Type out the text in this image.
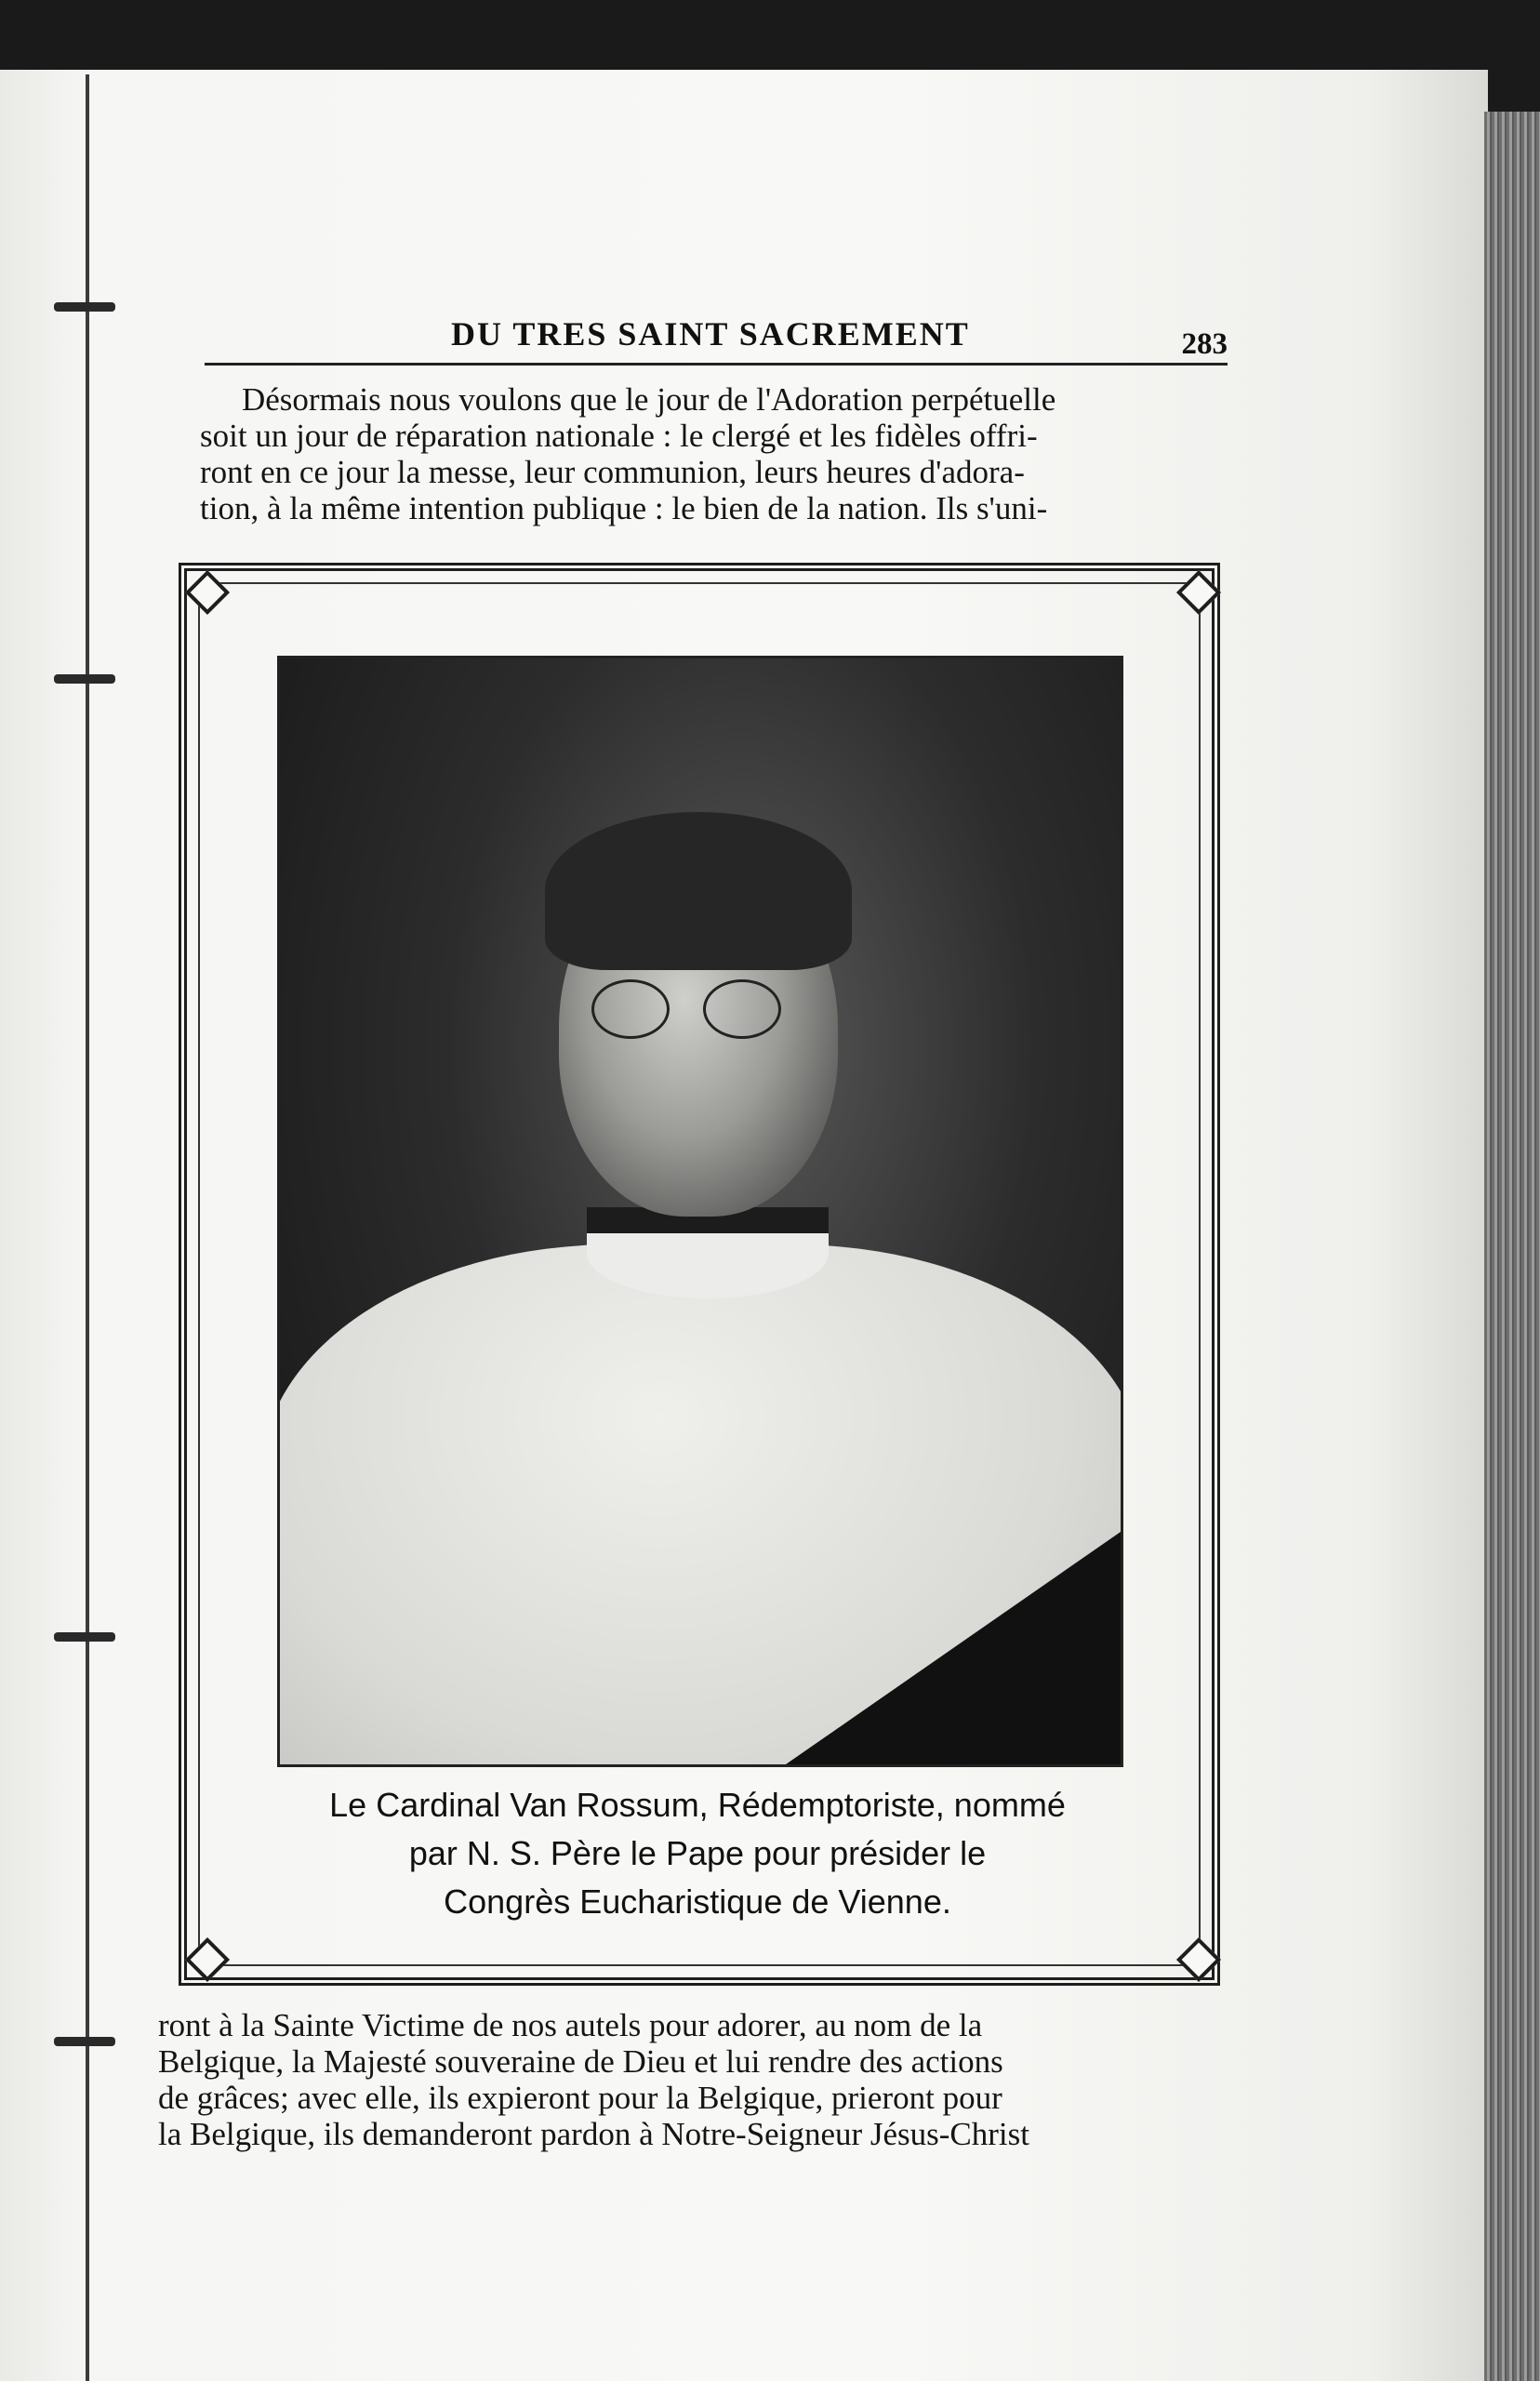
DU TRES SAINT SACREMENT	283
Désormais nous voulons que le jour de l'Adoration perpétuelle
soit un jour de réparation nationale : le clergé et les fidèles offri-
ront en ce jour la messe, leur communion, leurs heures d'adora-
tion, à la même intention publique : le bien de la nation. Ils s'uni-
Le Cardinal Van Rossum, Rédemptoriste, nommé
par N. S. Père le Pape pour présider le
Congrès Eucharistique de Vienne.
ront à la Sainte Victime de nos autels pour adorer, au nom de la
Belgique, la Majesté souveraine de Dieu et lui rendre des actions
de grâces; avec elle, ils expieront pour la Belgique, prieront pour
la Belgique, ils demanderont pardon à Notre-Seigneur Jésus-Christ
